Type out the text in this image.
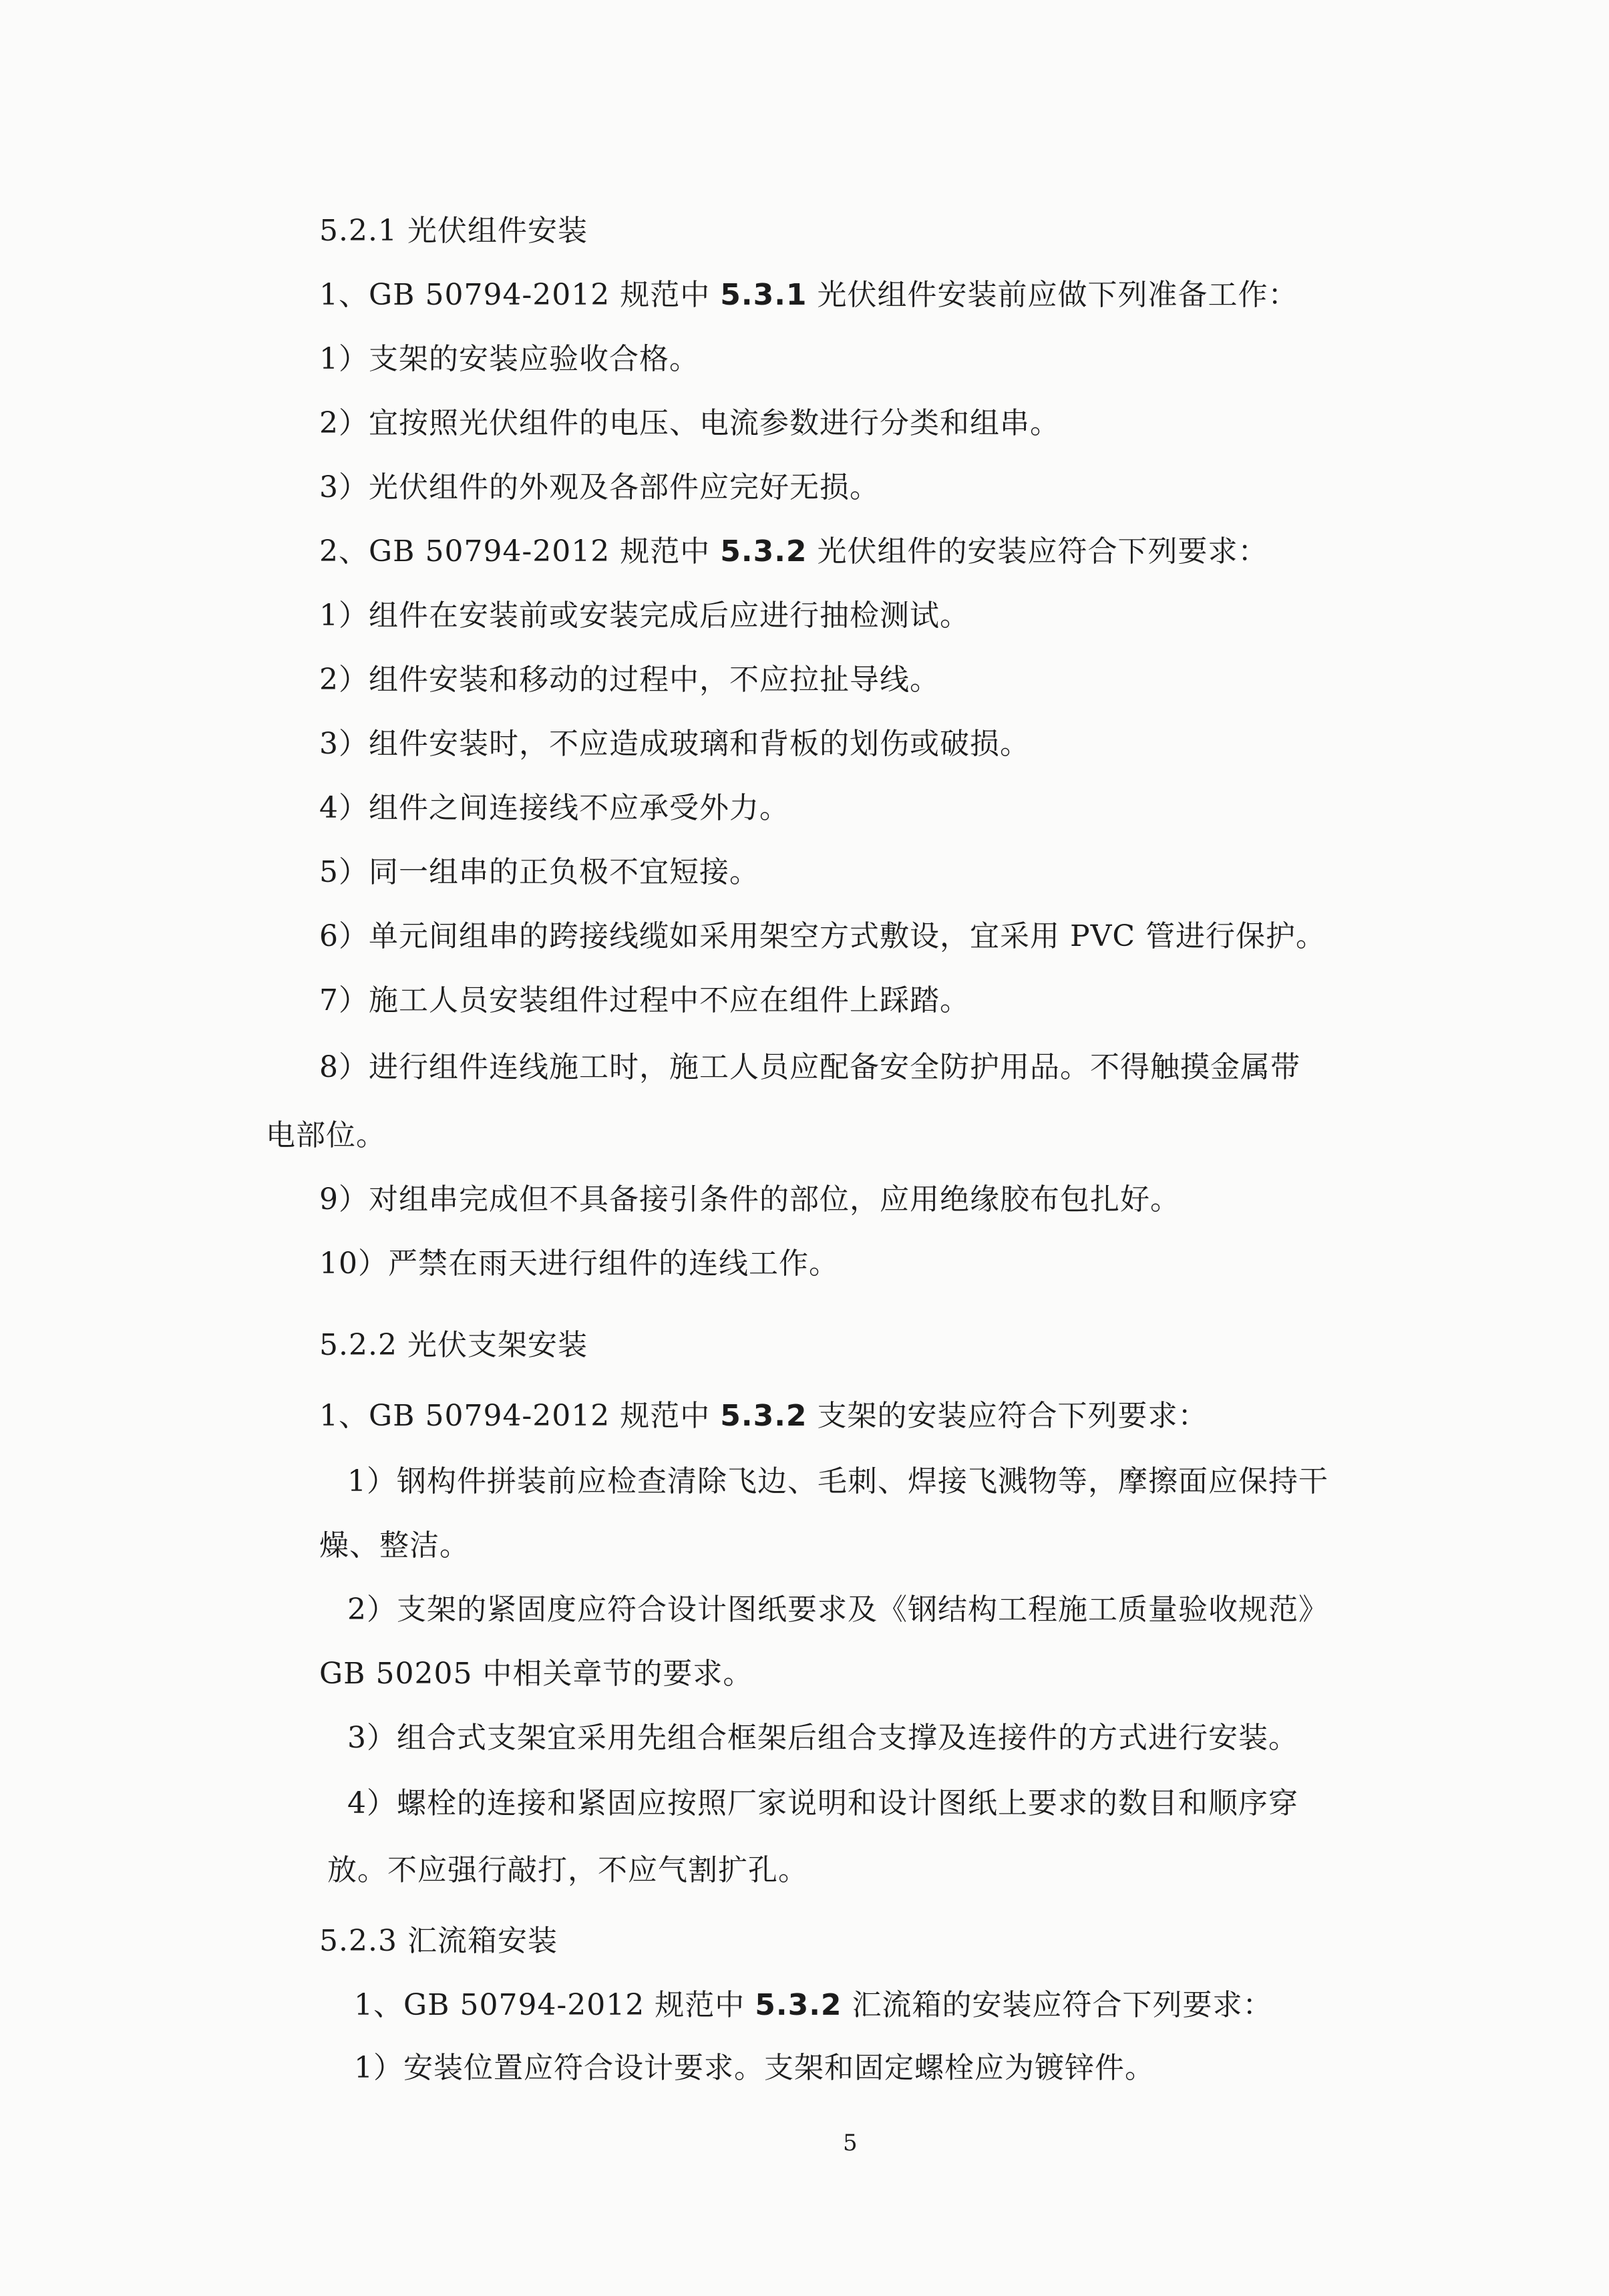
5.2.1 光伏组件安装
1、GB 50794-2012 规范中 5.3.1 光伏组件安装前应做下列准备工作：
1）支架的安装应验收合格。
2）宜按照光伏组件的电压、电流参数进行分类和组串。
3）光伏组件的外观及各部件应完好无损。
2、GB 50794-2012 规范中 5.3.2 光伏组件的安装应符合下列要求：
1）组件在安装前或安装完成后应进行抽检测试。
2）组件安装和移动的过程中，不应拉扯导线。
3）组件安装时，不应造成玻璃和背板的划伤或破损。
4）组件之间连接线不应承受外力。
5）同一组串的正负极不宜短接。
6）单元间组串的跨接线缆如采用架空方式敷设，宜采用 PVC 管进行保护。
7）施工人员安装组件过程中不应在组件上踩踏。
8）进行组件连线施工时，施工人员应配备安全防护用品。不得触摸金属带
电部位。
9）对组串完成但不具备接引条件的部位，应用绝缘胶布包扎好。
10）严禁在雨天进行组件的连线工作。
5.2.2 光伏支架安装
1、GB 50794-2012 规范中 5.3.2 支架的安装应符合下列要求：
1）钢构件拼装前应检查清除飞边、毛刺、焊接飞溅物等，摩擦面应保持干
燥、整洁。
2）支架的紧固度应符合设计图纸要求及《钢结构工程施工质量验收规范》
GB 50205 中相关章节的要求。
3）组合式支架宜采用先组合框架后组合支撑及连接件的方式进行安装。
4）螺栓的连接和紧固应按照厂家说明和设计图纸上要求的数目和顺序穿
放。不应强行敲打，不应气割扩孔。
5.2.3 汇流箱安装
1、GB 50794-2012 规范中 5.3.2 汇流箱的安装应符合下列要求：
1）安装位置应符合设计要求。支架和固定螺栓应为镀锌件。
5
